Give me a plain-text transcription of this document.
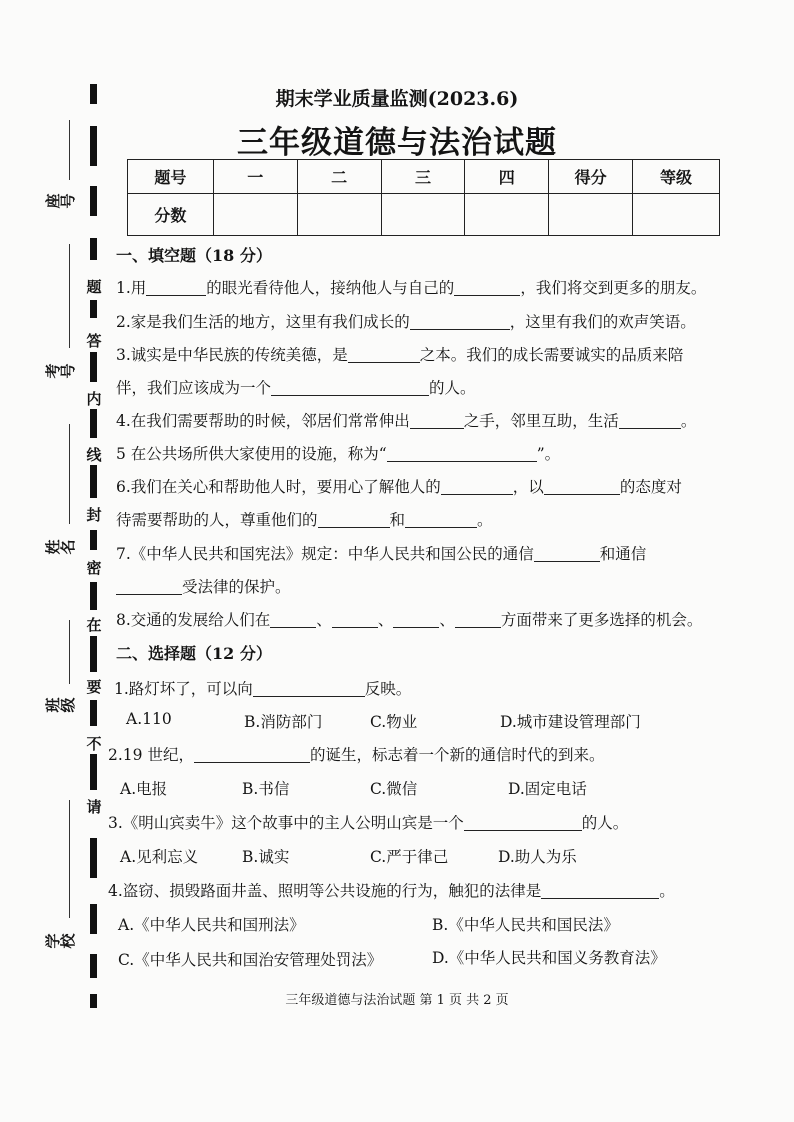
题
答
内
线
封
密
在
要
不
请
座号
考号
姓名
班级
学校
期末学业质量监测(2023.6)
三年级道德与法治试题
题号	一	二	三	四	得分	等级
分数						
一、填空题（18 分）
1.用	的眼光看待他人，接纳他人与自己的	，我们将交到更多的朋友。
2.家是我们生活的地方，这里有我们成长的	，这里有我们的欢声笑语。
3.诚实是中华民族的传统美德，是	之本。我们的成长需要诚实的品质来陪
伴，我们应该成为一个	的人。
4.在我们需要帮助的时候，邻居们常常伸出	之手，邻里互助，生活	。
5 在公共场所供大家使用的设施，称为“	”。
6.我们在关心和帮助他人时，要用心了解他人的	，以	的态度对
待需要帮助的人，尊重他们的	和	。
7.《中华人民共和国宪法》规定：中华人民共和国公民的通信	和通信
受法律的保护。
8.交通的发展给人们在	、	、	、	方面带来了更多选择的机会。
二、选择题（12 分）
1.路灯坏了，可以向	反映。
A.110	B.消防部门	C.物业	D.城市建设管理部门
2.19 世纪，	的诞生，标志着一个新的通信时代的到来。
A.电报	B.书信	C.微信	D.固定电话
3.《明山宾卖牛》这个故事中的主人公明山宾是一个	的人。
A.见利忘义	B.诚实	C.严于律己	D.助人为乐
4.盗窃、损毁路面井盖、照明等公共设施的行为，触犯的法律是	。
A.《中华人民共和国刑法》	B.《中华人民共和国民法》
C.《中华人民共和国治安管理处罚法》	D.《中华人民共和国义务教育法》
三年级道德与法治试题 第 1 页 共 2 页
